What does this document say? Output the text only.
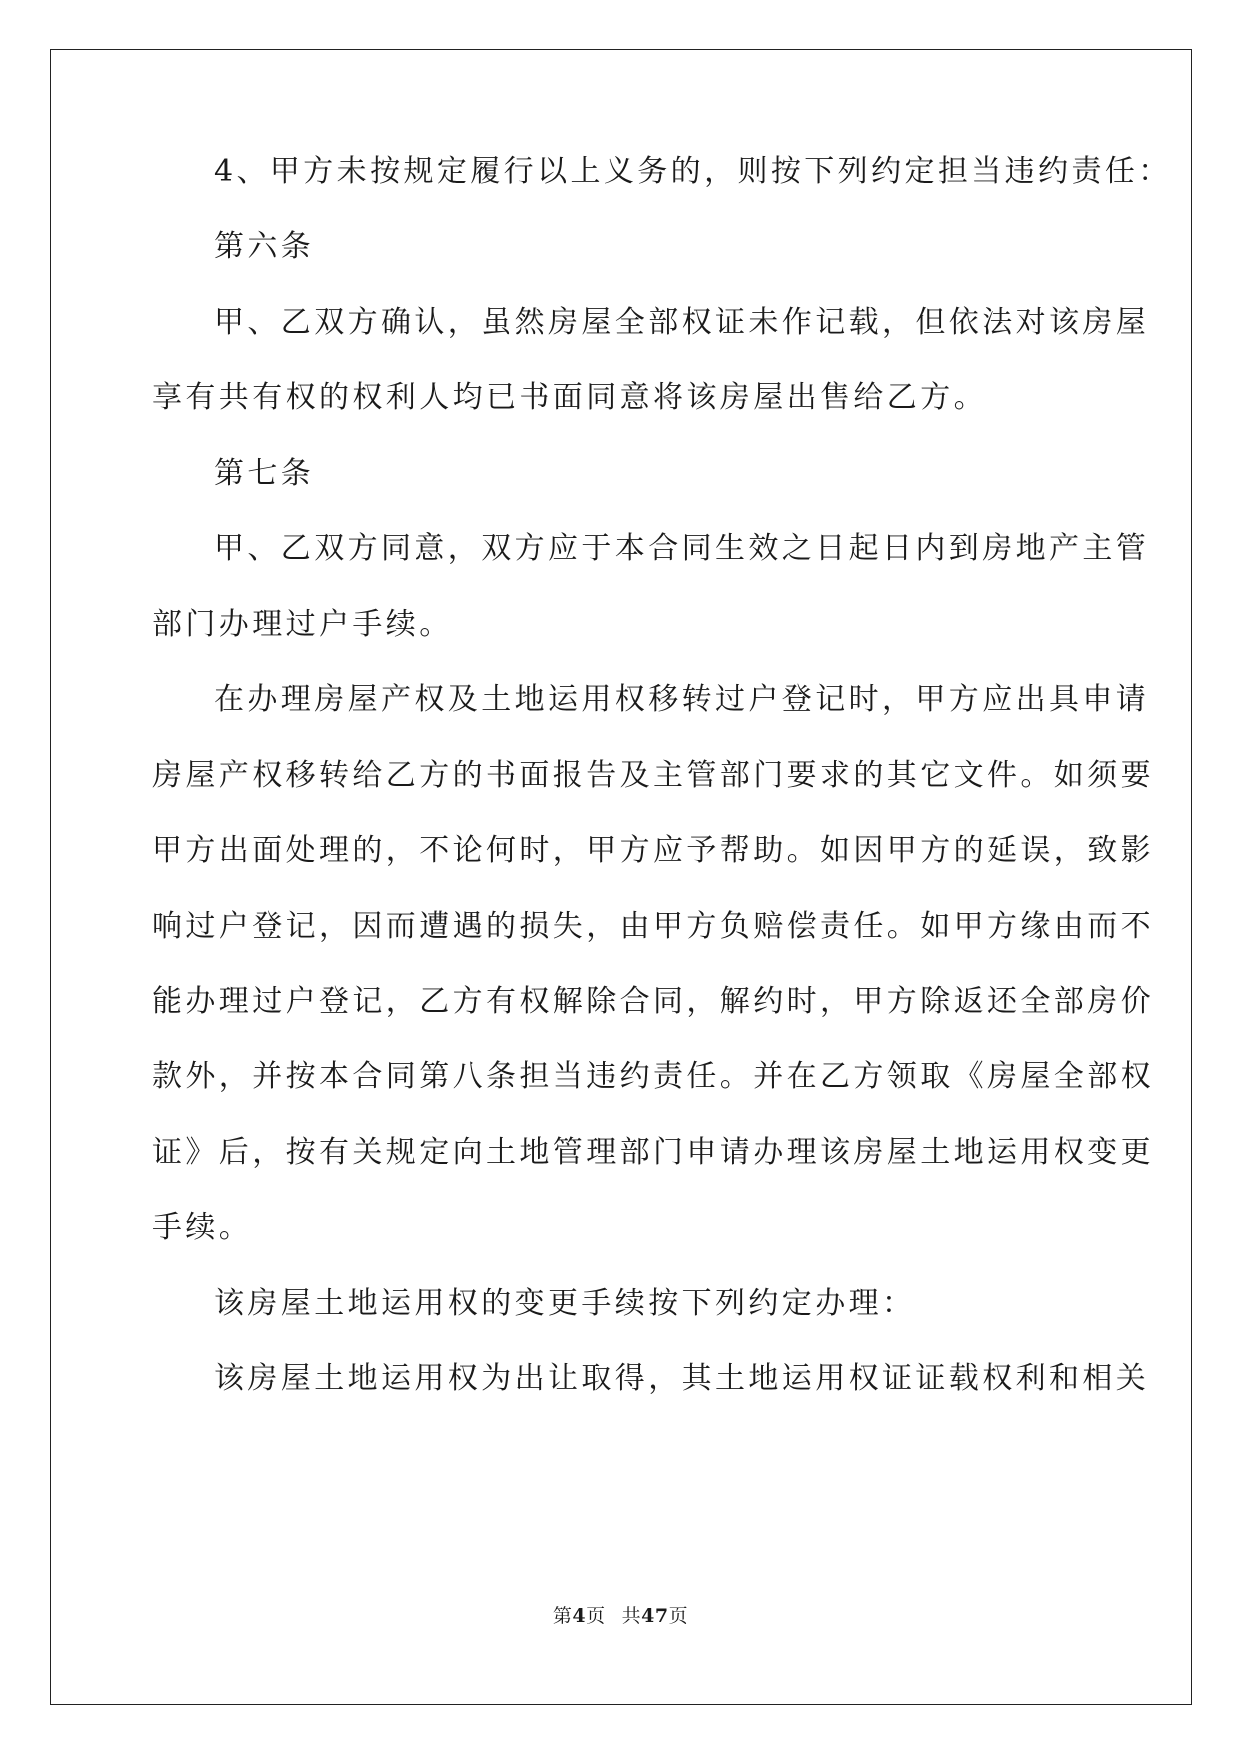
4、甲方未按规定履行以上义务的，则按下列约定担当违约责任：
第六条
甲、乙双方确认，虽然房屋全部权证未作记载，但依法对该房屋
享有共有权的权利人均已书面同意将该房屋出售给乙方。
第七条
甲、乙双方同意，双方应于本合同生效之日起日内到房地产主管
部门办理过户手续。
在办理房屋产权及土地运用权移转过户登记时，甲方应出具申请
房屋产权移转给乙方的书面报告及主管部门要求的其它文件。如须要
甲方出面处理的，不论何时，甲方应予帮助。如因甲方的延误，致影
响过户登记，因而遭遇的损失，由甲方负赔偿责任。如甲方缘由而不
能办理过户登记，乙方有权解除合同，解约时，甲方除返还全部房价
款外，并按本合同第八条担当违约责任。并在乙方领取《房屋全部权
证》后，按有关规定向土地管理部门申请办理该房屋土地运用权变更
手续。
该房屋土地运用权的变更手续按下列约定办理：
该房屋土地运用权为出让取得，其土地运用权证证载权利和相关
第4页 共47页
